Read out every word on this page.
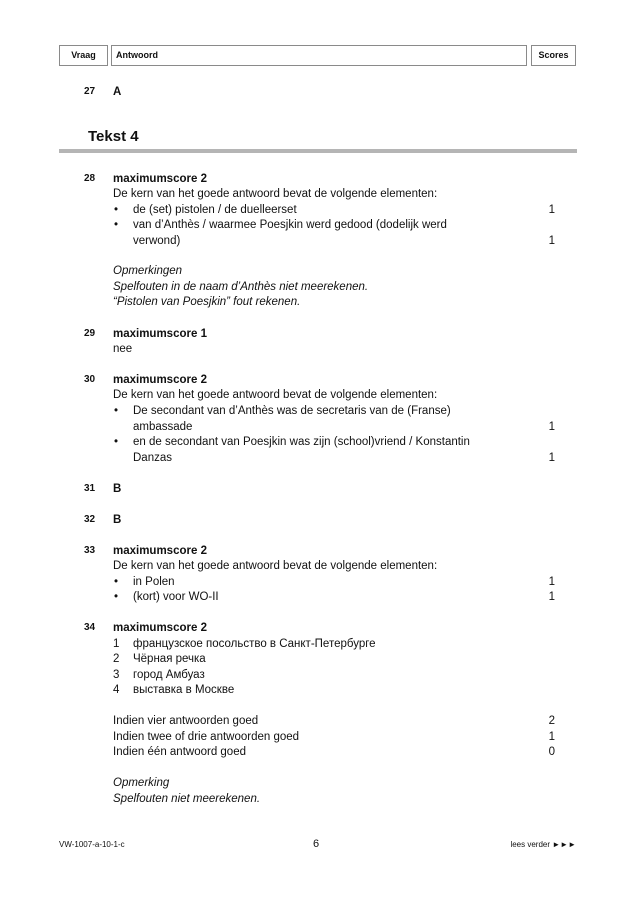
Vraag	Antwoord	Scores
27 A
Tekst 4
28 maximumscore 2
De kern van het goede antwoord bevat de volgende elementen:
• de (set) pistolen / de duelleerset	1
• van d’Anthès / waarmee Poesjkin werd gedood (dodelijk werd
verwond)	1
Opmerkingen
Spelfouten in de naam d’Anthès niet meerekenen.
“Pistolen van Poesjkin” fout rekenen.
29 maximumscore 1
nee
30 maximumscore 2
De kern van het goede antwoord bevat de volgende elementen:
• De secondant van d’Anthès was de secretaris van de (Franse)
ambassade	1
• en de secondant van Poesjkin was zijn (school)vriend / Konstantin
Danzas	1
31 B
32 B
33 maximumscore 2
De kern van het goede antwoord bevat de volgende elementen:
• in Polen	1
• (kort) voor WO-II	1
34 maximumscore 2
1 французское посольство в Санкт-Петербурге
2 Чёрная речка
3 город Амбуаз
4 выставка в Москве
Indien vier antwoorden goed	2
Indien twee of drie antwoorden goed	1
Indien één antwoord goed	0
Opmerking
Spelfouten niet meerekenen.
VW-1007-a-10-1-c	6	lees verder ►►►
